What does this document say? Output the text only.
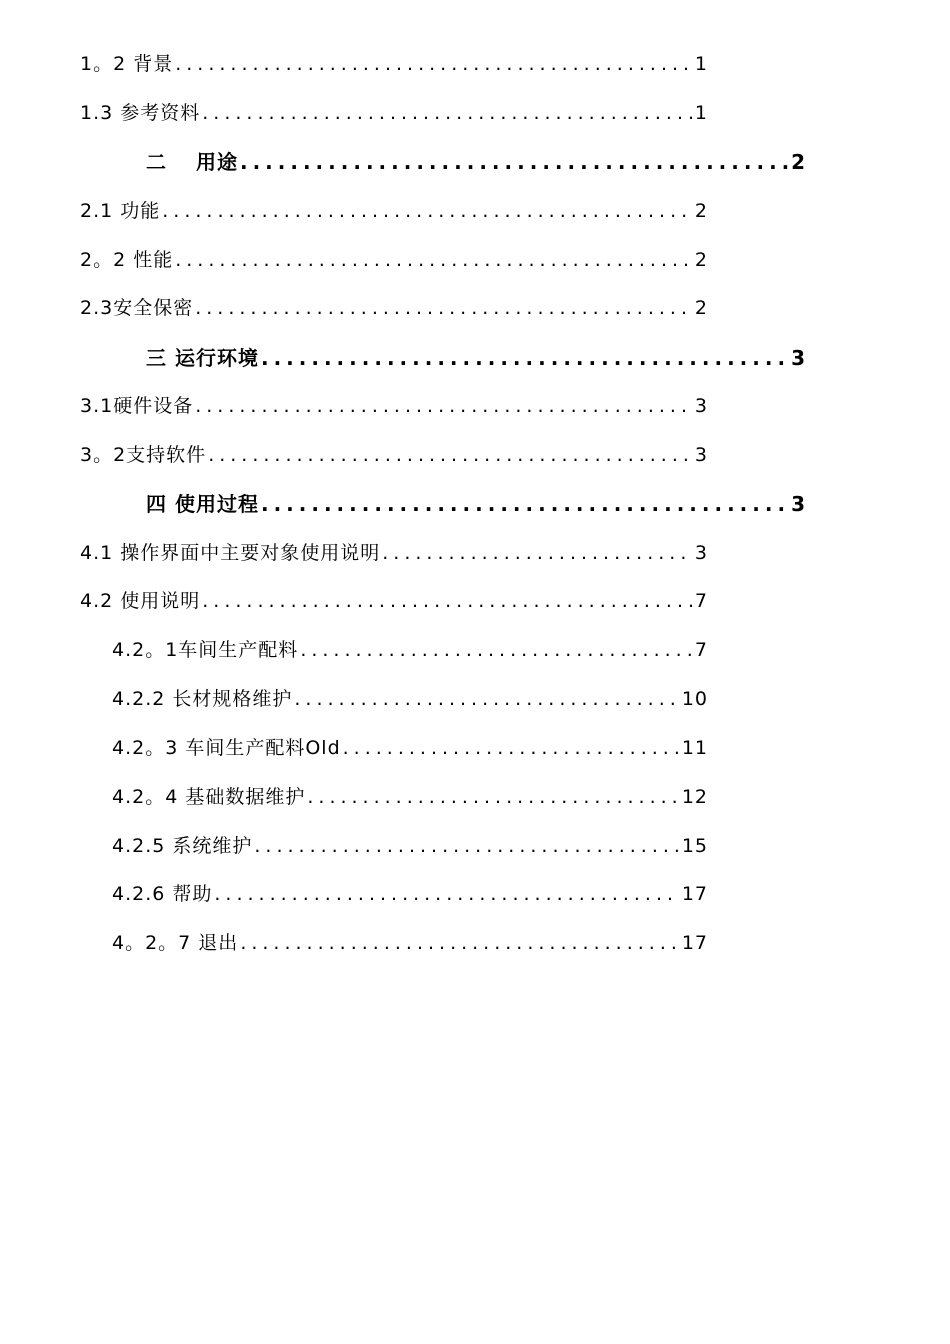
1。2 背景 .....	1
1.3 参考资料 .....	1
二　 用途 .....	2
2.1 功能 .....	2
2。2 性能 .....	2
2.3安全保密 .....	2
三 运行环境 .....	3
3.1硬件设备 .....	3
3。2支持软件 .....	3
四 使用过程 .....	3
4.1 操作界面中主要对象使用说明 .....	3
4.2 使用说明 .....	7
4.2。1车间生产配料 .....	7
4.2.2 长材规格维护 .....	10
4.2。3 车间生产配料Old .....	11
4.2。4 基础数据维护 .....	12
4.2.5 系统维护 .....	15
4.2.6 帮助 .....	17
4。2。7 退出 .....	17
